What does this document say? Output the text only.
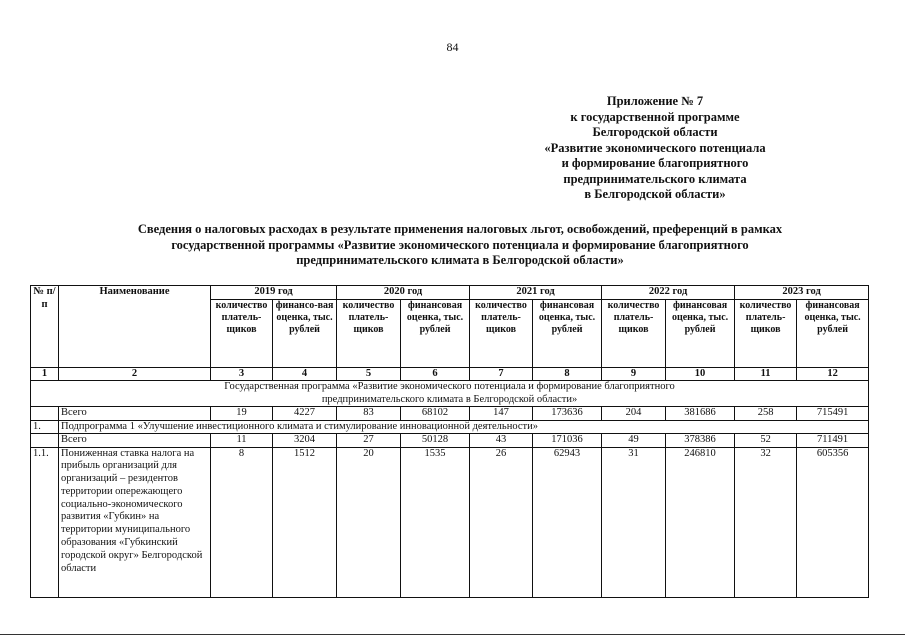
84
Приложение № 7
к государственной программе
Белгородской области
«Развитие экономического потенциала
и формирование благоприятного
предпринимательского климата
в Белгородской области»
Сведения о налоговых расходах в результате применения налоговых льгот, освобождений, преференций в рамках
государственной программы «Развитие экономического потенциала и формирование благоприятного
предпринимательского климата в Белгородской области»
№ п/п	Наименование	2019 год		2020 год		2021 год		2022 год		2023 год	
		количество платель-щиков	финансо-вая оценка, тыс. рублей	количество платель-щиков	финансовая оценка, тыс. рублей	количество платель-щиков	финансовая оценка, тыс. рублей	количество платель-щиков	финансовая оценка, тыс. рублей	количество платель-щиков	финансовая оценка, тыс. рублей
1	2	3	4	5	6	7	8	9	10	11	12
Государственная программа «Развитие экономического потенциала и формирование благоприятного предпринимательского климата в Белгородской области»											
	Всего	19	4227	83	68102	147	173636	204	381686	258	715491
1.	Подпрограмма 1 «Улучшение инвестиционного климата и стимулирование инновационной деятельности»										
	Всего	11	3204	27	50128	43	171036	49	378386	52	711491
1.1.	Пониженная ставка налога на прибыль организаций для организаций – резидентов территории опережающего социально-экономического развития «Губкин» на территории муниципального образования «Губкинский городской округ» Белгородской области	8	1512	20	1535	26	62943	31	246810	32	605356
